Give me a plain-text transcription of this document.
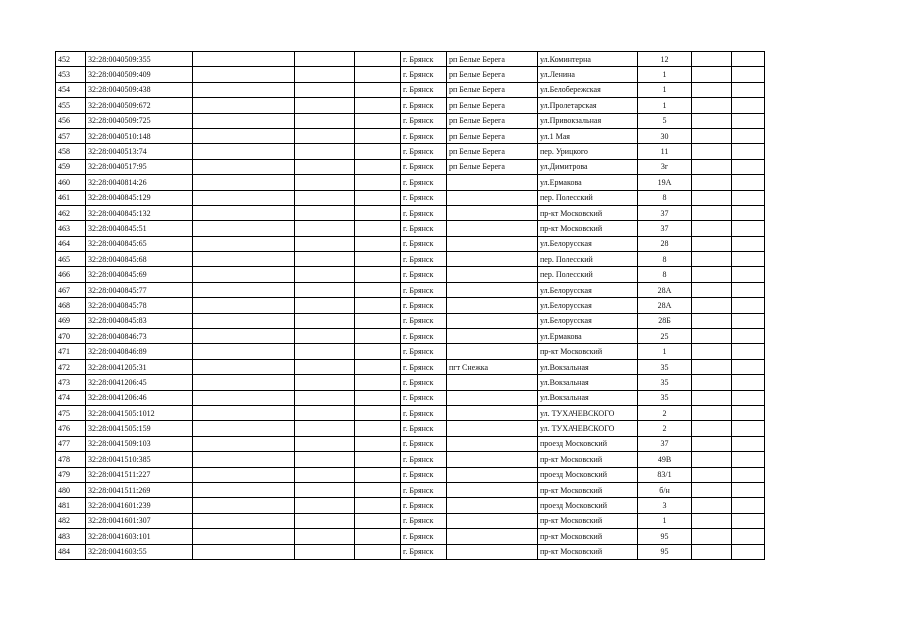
452	32:28:0040509:355				г. Брянск	рп Белые Берега	ул.Коминтерна	12		
453	32:28:0040509:409				г. Брянск	рп Белые Берега	ул.Ленина	1		
454	32:28:0040509:438				г. Брянск	рп Белые Берега	ул.Белобережская	1		
455	32:28:0040509:672				г. Брянск	рп Белые Берега	ул.Пролетарская	1		
456	32:28:0040509:725				г. Брянск	рп Белые Берега	ул.Привокзальная	5		
457	32:28:0040510:148				г. Брянск	рп Белые Берега	ул.1 Мая	30		
458	32:28:0040513:74				г. Брянск	рп Белые Берега	пер. Урицкого	11		
459	32:28:0040517:95				г. Брянск	рп Белые Берега	ул.Димитрова	3г		
460	32:28:0040814:26				г. Брянск		ул.Ермакова	19А		
461	32:28:0040845:129				г. Брянск		пер. Полесский	8		
462	32:28:0040845:132				г. Брянск		пр-кт Московский	37		
463	32:28:0040845:51				г. Брянск		пр-кт Московский	37		
464	32:28:0040845:65				г. Брянск		ул.Белорусская	28		
465	32:28:0040845:68				г. Брянск		пер. Полесский	8		
466	32:28:0040845:69				г. Брянск		пер. Полесский	8		
467	32:28:0040845:77				г. Брянск		ул.Белорусская	28А		
468	32:28:0040845:78				г. Брянск		ул.Белорусская	28А		
469	32:28:0040845:83				г. Брянск		ул.Белорусская	28Б		
470	32:28:0040846:73				г. Брянск		ул.Ермакова	25		
471	32:28:0040846:89				г. Брянск		пр-кт Московский	1		
472	32:28:0041205:31				г. Брянск	пгт Снежка	ул.Вокзальная	35		
473	32:28:0041206:45				г. Брянск		ул.Вокзальная	35		
474	32:28:0041206:46				г. Брянск		ул.Вокзальная	35		
475	32:28:0041505:1012				г. Брянск		ул. ТУХАЧЕВСКОГО	2		
476	32:28:0041505:159				г. Брянск		ул. ТУХАЧЕВСКОГО	2		
477	32:28:0041509:103				г. Брянск		проезд Московский	37		
478	32:28:0041510:385				г. Брянск		пр-кт Московский	49В		
479	32:28:0041511:227				г. Брянск		проезд Московский	83/1		
480	32:28:0041511:269				г. Брянск		пр-кт Московский	б/н		
481	32:28:0041601:239				г. Брянск		проезд Московский	3		
482	32:28:0041601:307				г. Брянск		пр-кт Московский	1		
483	32:28:0041603:101				г. Брянск		пр-кт Московский	95		
484	32:28:0041603:55				г. Брянск		пр-кт Московский	95		
